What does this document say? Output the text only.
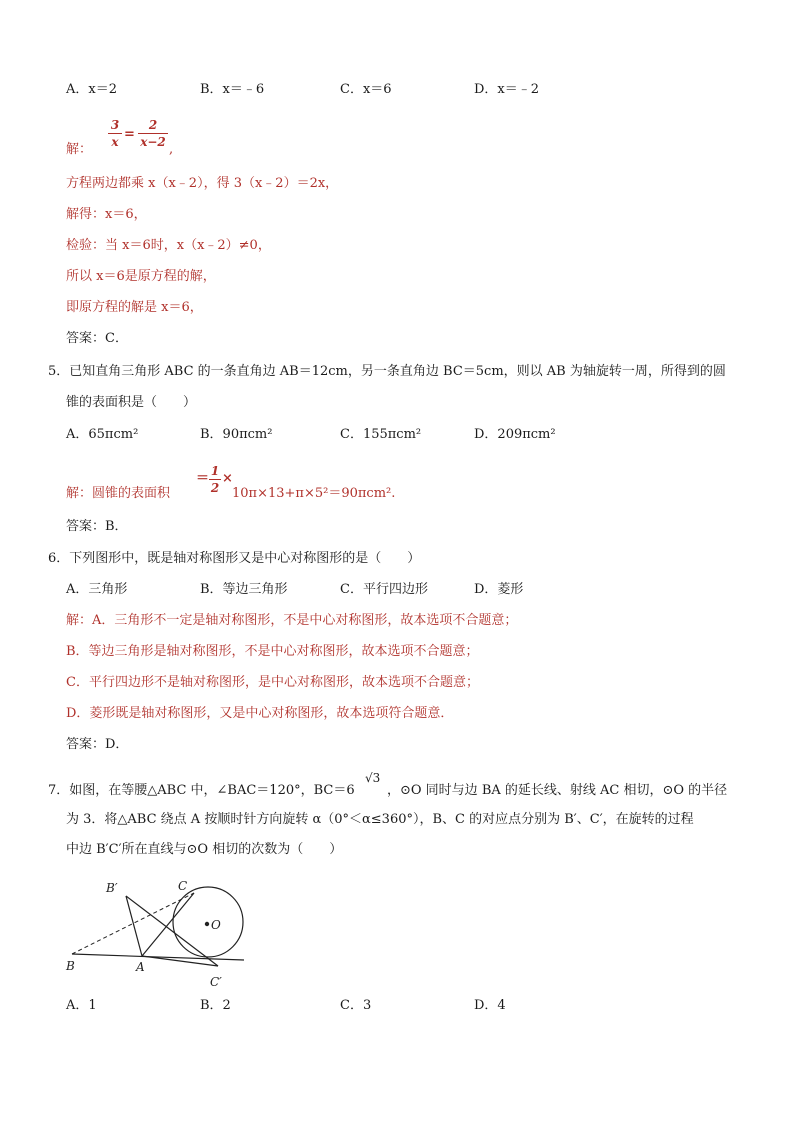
A．x＝2	B．x＝﹣6	C．x＝6	D．x＝﹣2
解：
3
x =
2
x−2 ,
方程两边都乘 x（x﹣2），得 3（x﹣2）＝2x，
解得：x＝6，
检验：当 x＝6时，x（x﹣2）≠0，
所以 x＝6是原方程的解，
即原方程的解是 x＝6，
答案：C．
5．已知直角三角形 ABC 的一条直角边 AB＝12cm，另一条直角边 BC＝5cm，则以 AB 为轴旋转一周，所得到的圆
锥的表面积是（　　）
A．65πcm²	B．90πcm²	C．155πcm²	D．209πcm²
解：圆锥的表面积
＝ 1
2
×
10π×13+π×5²＝90πcm².
答案：B．
6．下列图形中，既是轴对称图形又是中心对称图形的是（　　）
A．三角形	B．等边三角形	C．平行四边形	D．菱形
解：A．三角形不一定是轴对称图形，不是中心对称图形，故本选项不合题意；
B．等边三角形是轴对称图形，不是中心对称图形，故本选项不合题意；
C．平行四边形不是轴对称图形，是中心对称图形，故本选项不合题意；
D．菱形既是轴对称图形，又是中心对称图形，故本选项符合题意．
答案：D．
7．如图，在等腰△ABC 中，∠BAC＝120°，BC＝6
√3
，⊙O 同时与边 BA 的延长线、射线 AC 相切，⊙O 的半径
为 3．将△ABC 绕点 A 按顺时针方向旋转 α（0°＜α≤360°），B、C 的对应点分别为 B′、C′，在旋转的过程
中边 B′C′所在直线与⊙O 相切的次数为（　　）
B′	C
O
B	A
C′
A．1	B．2	C．3	D．4
